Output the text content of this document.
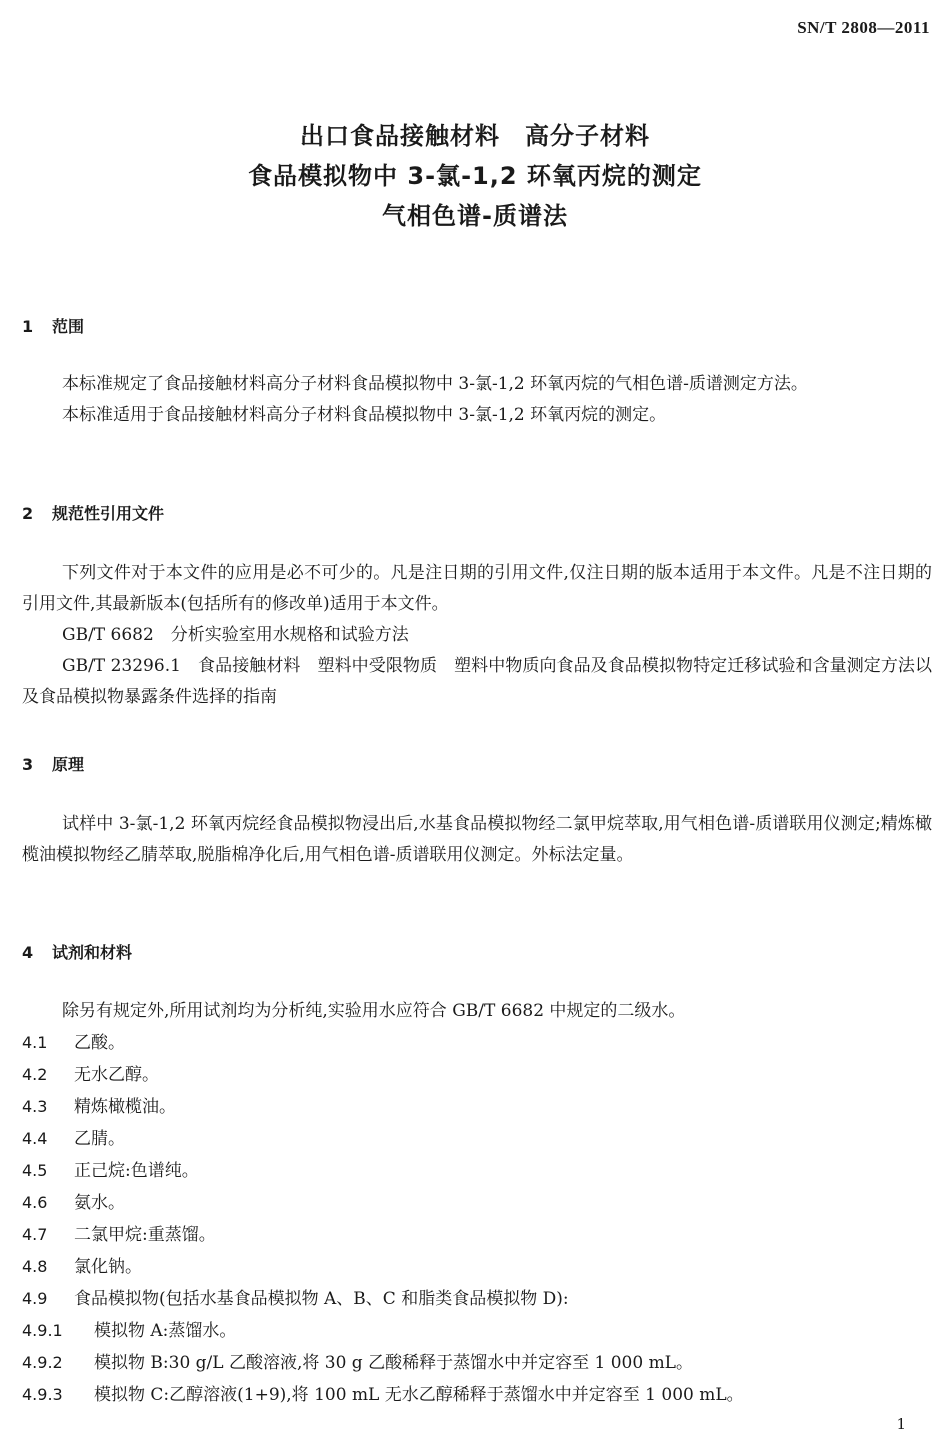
SN/T 2808—2011
出口食品接触材料　高分子材料
食品模拟物中 3-氯-1,2 环氧丙烷的测定
气相色谱-质谱法
1 范围

本标准规定了食品接触材料高分子材料食品模拟物中 3-氯-1,2 环氧丙烷的气相色谱-质谱测定方法。

本标准适用于食品接触材料高分子材料食品模拟物中 3-氯-1,2 环氧丙烷的测定。

2 规范性引用文件

下列文件对于本文件的应用是必不可少的。凡是注日期的引用文件,仅注日期的版本适用于本文件。凡是不注日期的引用文件,其最新版本(包括所有的修改单)适用于本文件。

GB/T 6682　分析实验室用水规格和试验方法

GB/T 23296.1　食品接触材料　塑料中受限物质　塑料中物质向食品及食品模拟物特定迁移试验和含量测定方法以及食品模拟物暴露条件选择的指南

3 原理

试样中 3-氯-1,2 环氧丙烷经食品模拟物浸出后,水基食品模拟物经二氯甲烷萃取,用气相色谱-质谱联用仪测定;精炼橄榄油模拟物经乙腈萃取,脱脂棉净化后,用气相色谱-质谱联用仪测定。外标法定量。

4 试剂和材料

除另有规定外,所用试剂均为分析纯,实验用水应符合 GB/T 6682 中规定的二级水。

4.1 乙酸。

4.2 无水乙醇。

4.3 精炼橄榄油。

4.4 乙腈。

4.5 正己烷:色谱纯。

4.6 氨水。

4.7 二氯甲烷:重蒸馏。

4.8 氯化钠。

4.9 食品模拟物(包括水基食品模拟物 A、B、C 和脂类食品模拟物 D):

4.9.1 模拟物 A:蒸馏水。

4.9.2 模拟物 B:30 g/L 乙酸溶液,将 30 g 乙酸稀释于蒸馏水中并定容至 1 000 mL。

4.9.3 模拟物 C:乙醇溶液(1+9),将 100 mL 无水乙醇稀释于蒸馏水中并定容至 1 000 mL。

1
